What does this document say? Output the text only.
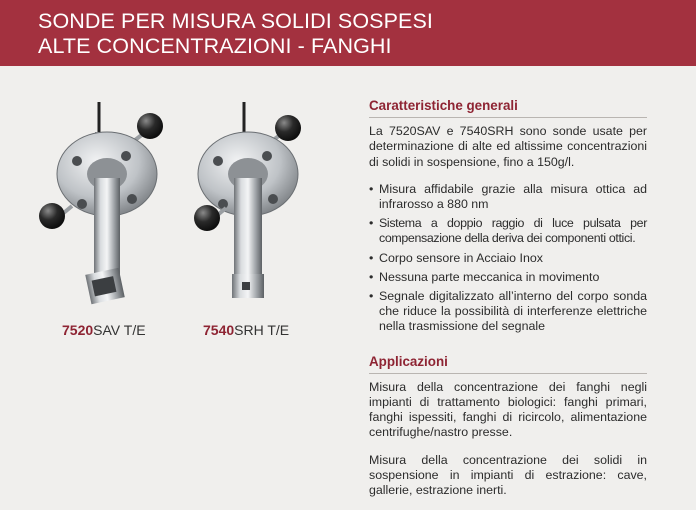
SONDE PER MISURA SOLIDI SOSPESI
ALTE CONCENTRAZIONI - FANGHI
7520SAV T/E	7540SRH T/E
Caratteristiche generali

La 7520SAV e 7540SRH sono sonde usate per determinazione di alte ed altissime concentrazioni di solidi in sospensione, fino a 150g/l.

• Misura affidabile grazie alla misura ottica ad infrarosso a 880 nm
• Sistema a doppio raggio di luce pulsata per compensazione della deriva dei componenti ottici.
• Corpo sensore in Acciaio Inox
• Nessuna parte meccanica in movimento
• Segnale digitalizzato all’interno del corpo sonda che riduce la possibilità di interferenze elettriche nella trasmissione del segnale
Applicazioni

Misura della concentrazione dei fanghi negli impianti di trattamento biologici: fanghi primari, fanghi ispessiti, fanghi di ricircolo, alimentazione centrifughe/nastro presse.

Misura della concentrazione dei solidi in sospensione in impianti di estrazione: cave, gallerie, estrazione inerti.
